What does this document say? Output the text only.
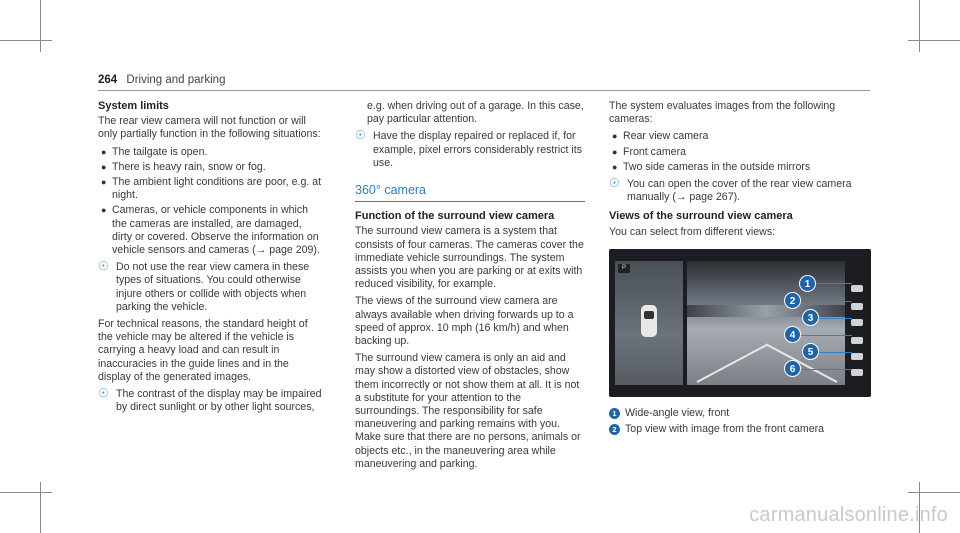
264 Driving and parking
System limits

The rear view camera will not function or will only partially function in the following situations:

● The tailgate is open.
● There is heavy rain, snow or fog.
● The ambient light conditions are poor, e.g. at night.
● Cameras, or vehicle components in which the cameras are installed, are damaged, dirty or covered. Observe the information on vehicle sensors and cameras (→ page 209).
☉ Do not use the rear view camera in these types of situations. You could otherwise injure others or collide with objects when parking the vehicle.

For technical reasons, the standard height of the vehicle may be altered if the vehicle is carrying a heavy load and can result in inaccuracies in the guide lines and in the display of the generated images.

☉ The contrast of the display may be impaired by direct sunlight or by other light sources,

e.g. when driving out of a garage. In this case, pay particular attention.

☉ Have the display repaired or replaced if, for example, pixel errors considerably restrict its use.
360° camera
Function of the surround view camera

The surround view camera is a system that consists of four cameras. The cameras cover the immediate vehicle surroundings. The system assists you when you are parking or at exits with reduced visibility, for example.

The views of the surround view camera are always available when driving forwards up to a speed of approx. 10 mph (16 km/h) and when backing up.

The surround view camera is only an aid and may show a distorted view of obstacles, show them incorrectly or not show them at all. It is not a substitute for your attention to the surroundings. The responsibility for safe maneuvering and parking remains with you. Make sure that there are no persons, animals or objects etc., in the maneuvering area while maneuvering and parking.

The system evaluates images from the following cameras:

● Rear view camera
● Front camera
● Two side cameras in the outside mirrors
☉ You can open the cover of the rear view camera manually (→ page 267).
Views of the surround view camera

You can select from different views:

P
1
2
3
4
5
6
1 Wide-angle view, front
2 Top view with image from the front camera
carmanualsonline.info
